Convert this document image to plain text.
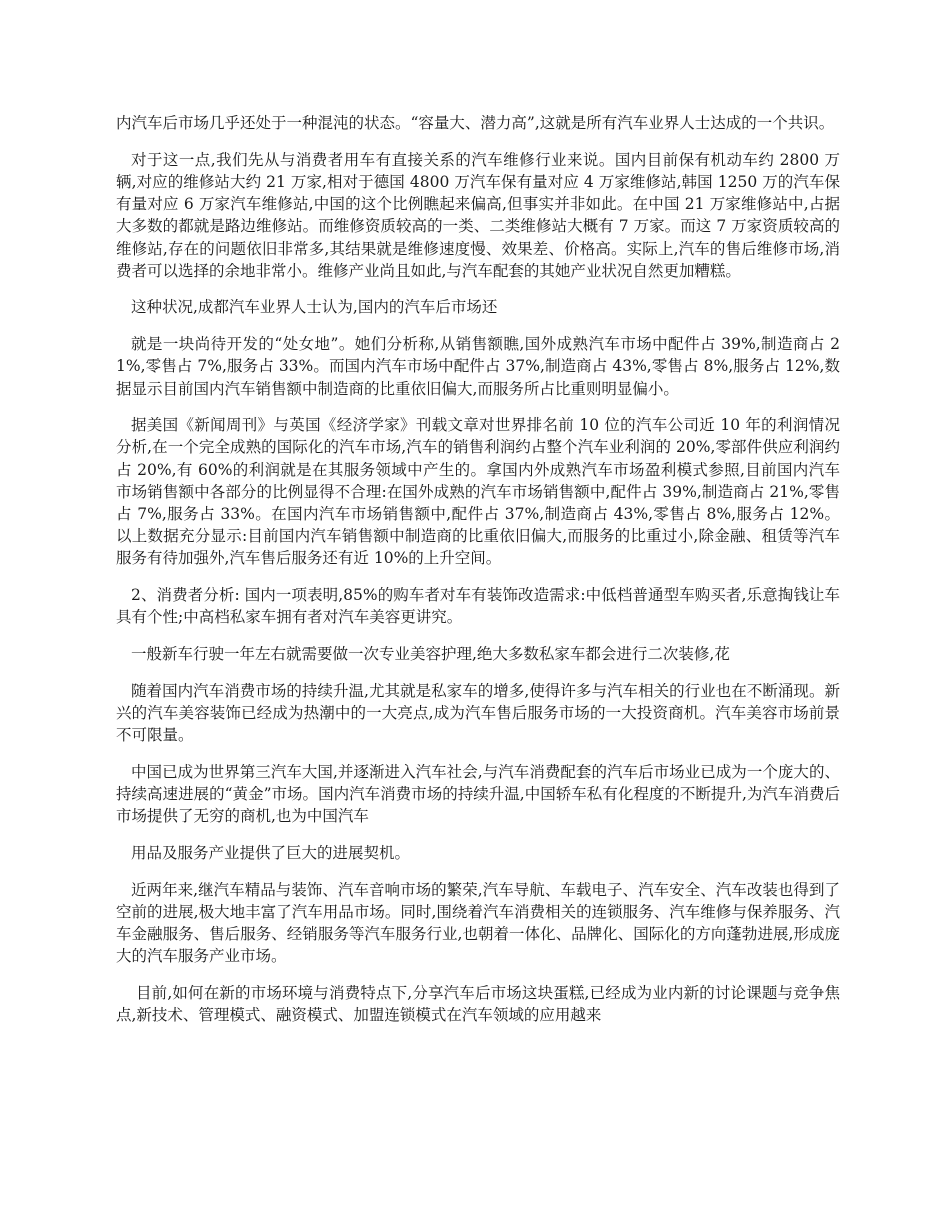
内汽车后市场几乎还处于一种混沌的状态。“容量大、潜力高”,这就是所有汽车业界人士达成的一个共识。

对于这一点,我们先从与消费者用车有直接关系的汽车维修行业来说。国内目前保有机动车约 2800 万辆,对应的维修站大约 21 万家,相对于德国 4800 万汽车保有量对应 4 万家维修站,韩国 1250 万的汽车保有量对应 6 万家汽车维修站,中国的这个比例瞧起来偏高,但事实并非如此。在中国 21 万家维修站中,占据大多数的都就是路边维修站。而维修资质较高的一类、二类维修站大概有 7 万家。而这 7 万家资质较高的维修站,存在的问题依旧非常多,其结果就是维修速度慢、效果差、价格高。实际上,汽车的售后维修市场,消费者可以选择的余地非常小。维修产业尚且如此,与汽车配套的其她产业状况自然更加糟糕。

这种状况,成都汽车业界人士认为,国内的汽车后市场还

就是一块尚待开发的“处女地”。她们分析称,从销售额瞧,国外成熟汽车市场中配件占 39%,制造商占 21%,零售占 7%,服务占 33%。而国内汽车市场中配件占 37%,制造商占 43%,零售占 8%,服务占 12%,数据显示目前国内汽车销售额中制造商的比重依旧偏大,而服务所占比重则明显偏小。

据美国《新闻周刊》与英国《经济学家》刊载文章对世界排名前 10 位的汽车公司近 10 年的利润情况分析,在一个完全成熟的国际化的汽车市场,汽车的销售利润约占整个汽车业利润的 20%,零部件供应利润约占 20%,有 60%的利润就是在其服务领域中产生的。拿国内外成熟汽车市场盈利模式参照,目前国内汽车市场销售额中各部分的比例显得不合理:在国外成熟的汽车市场销售额中,配件占 39%,制造商占 21%,零售占 7%,服务占 33%。在国内汽车市场销售额中,配件占 37%,制造商占 43%,零售占 8%,服务占 12%。 以上数据充分显示:目前国内汽车销售额中制造商的比重依旧偏大,而服务的比重过小,除金融、租赁等汽车服务有待加强外,汽车售后服务还有近 10%的上升空间。

2、消费者分析: 国内一项表明,85%的购车者对车有装饰改造需求:中低档普通型车购买者,乐意掏钱让车具有个性;中高档私家车拥有者对汽车美容更讲究。

一般新车行驶一年左右就需要做一次专业美容护理,绝大多数私家车都会进行二次装修,花

随着国内汽车消费市场的持续升温,尤其就是私家车的增多,使得许多与汽车相关的行业也在不断涌现。新兴的汽车美容装饰已经成为热潮中的一大亮点,成为汽车售后服务市场的一大投资商机。汽车美容市场前景不可限量。

中国已成为世界第三汽车大国,并逐渐进入汽车社会,与汽车消费配套的汽车后市场业已成为一个庞大的、持续高速进展的“黄金”市场。国内汽车消费市场的持续升温,中国轿车私有化程度的不断提升,为汽车消费后市场提供了无穷的商机,也为中国汽车

用品及服务产业提供了巨大的进展契机。

近两年来,继汽车精品与装饰、汽车音响市场的繁荣,汽车导航、车载电子、汽车安全、汽车改装也得到了空前的进展,极大地丰富了汽车用品市场。同时,围绕着汽车消费相关的连锁服务、汽车维修与保养服务、汽车金融服务、售后服务、经销服务等汽车服务行业,也朝着一体化、品牌化、国际化的方向蓬勃进展,形成庞大的汽车服务产业市场。

目前,如何在新的市场环境与消费特点下,分享汽车后市场这块蛋糕,已经成为业内新的讨论课题与竞争焦点,新技术、管理模式、融资模式、加盟连锁模式在汽车领域的应用越来
